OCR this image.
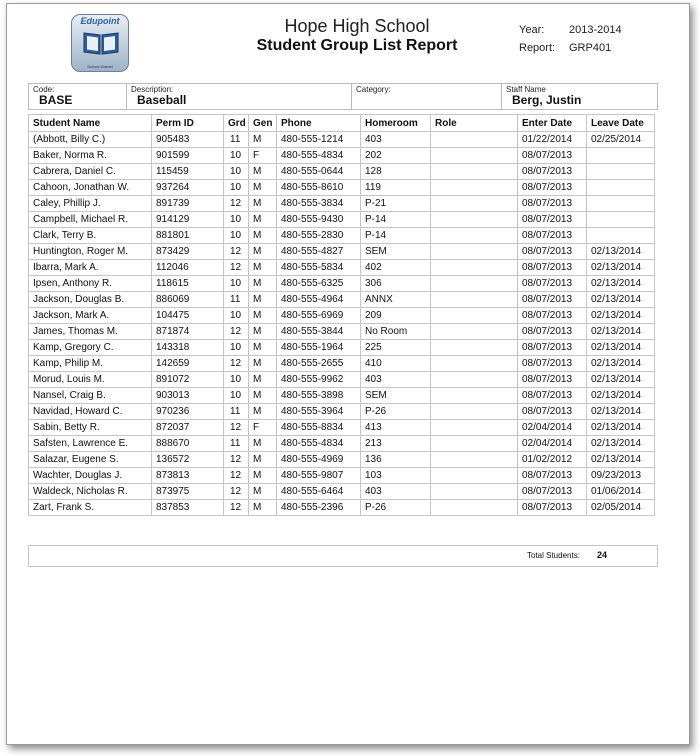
Edupoint
School District
Hope High School
Student Group List Report
Year: 2013-2014
Report: GRP401
Code:
BASE
Description:
Baseball
Category:	Staff Name
Berg, Justin
Student Name	Perm ID	Grd	Gen	Phone	Homeroom	Role	Enter Date	Leave Date
(Abbott, Billy C.)	905483	11	M	480-555-1214	403		01/22/2014	02/25/2014
Baker, Norma R.	901599	10	F	480-555-4834	202		08/07/2013	
Cabrera, Daniel C.	115459	10	M	480-555-0644	128		08/07/2013	
Cahoon, Jonathan W.	937264	10	M	480-555-8610	119		08/07/2013	
Caley, Phillip J.	891739	12	M	480-555-3834	P-21		08/07/2013	
Campbell, Michael R.	914129	10	M	480-555-9430	P-14		08/07/2013	
Clark, Terry B.	881801	10	M	480-555-2830	P-14		08/07/2013	
Huntington, Roger M.	873429	12	M	480-555-4827	SEM		08/07/2013	02/13/2014
Ibarra, Mark A.	112046	12	M	480-555-5834	402		08/07/2013	02/13/2014
Ipsen, Anthony R.	118615	10	M	480-555-6325	306		08/07/2013	02/13/2014
Jackson, Douglas B.	886069	11	M	480-555-4964	ANNX		08/07/2013	02/13/2014
Jackson, Mark A.	104475	10	M	480-555-6969	209		08/07/2013	02/13/2014
James, Thomas M.	871874	12	M	480-555-3844	No Room		08/07/2013	02/13/2014
Kamp, Gregory C.	143318	10	M	480-555-1964	225		08/07/2013	02/13/2014
Kamp, Philip M.	142659	12	M	480-555-2655	410		08/07/2013	02/13/2014
Morud, Louis M.	891072	10	M	480-555-9962	403		08/07/2013	02/13/2014
Nansel, Craig B.	903013	10	M	480-555-3898	SEM		08/07/2013	02/13/2014
Navidad, Howard C.	970236	11	M	480-555-3964	P-26		08/07/2013	02/13/2014
Sabin, Betty R.	872037	12	F	480-555-8834	413		02/04/2014	02/13/2014
Safsten, Lawrence E.	888670	11	M	480-555-4834	213		02/04/2014	02/13/2014
Salazar, Eugene S.	136572	12	M	480-555-4969	136		01/02/2012	02/13/2014
Wachter, Douglas J.	873813	12	M	480-555-9807	103		08/07/2013	09/23/2013
Waldeck, Nicholas R.	873975	12	M	480-555-6464	403		08/07/2013	01/06/2014
Zart, Frank S.	837853	12	M	480-555-2396	P-26		08/07/2013	02/05/2014
Total Students: 24
